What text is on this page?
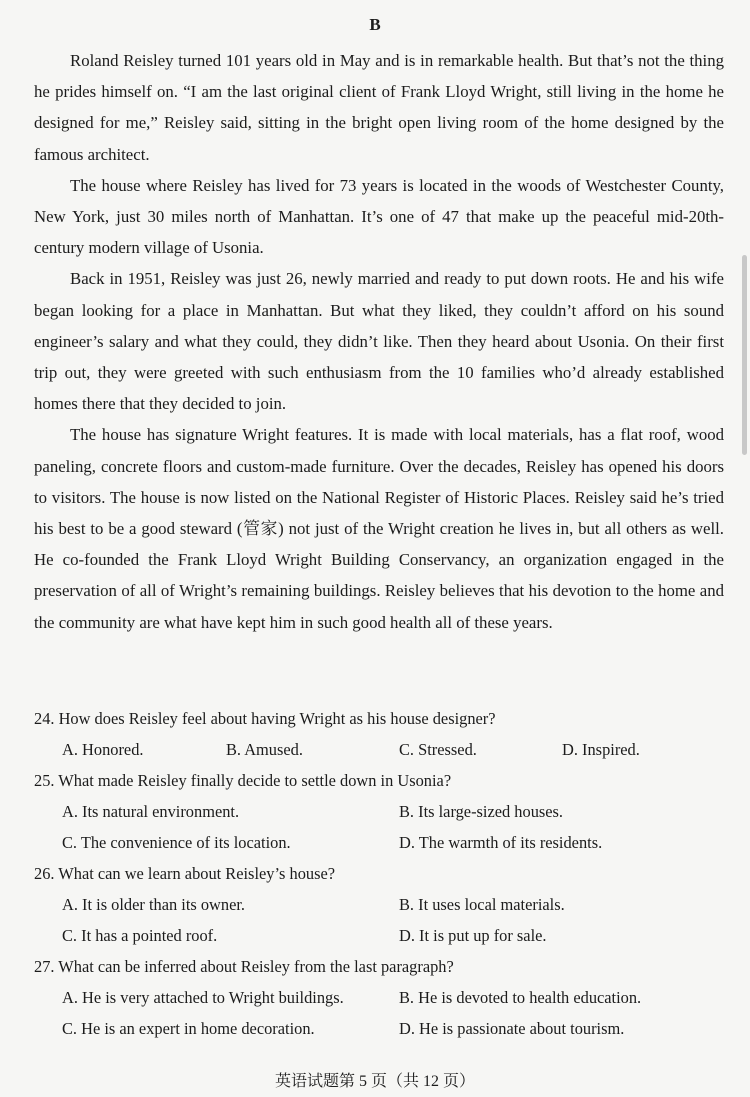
B

Roland Reisley turned 101 years old in May and is in remarkable health. But that’s not the thing he prides himself on. “I am the last original client of Frank Lloyd Wright, still living in the home he designed for me,” Reisley said, sitting in the bright open living room of the home designed by the famous architect.

The house where Reisley has lived for 73 years is located in the woods of Westchester County, New York, just 30 miles north of Manhattan. It’s one of 47 that make up the peaceful mid-20th-century modern village of Usonia.

Back in 1951, Reisley was just 26, newly married and ready to put down roots. He and his wife began looking for a place in Manhattan. But what they liked, they couldn’t afford on his sound engineer’s salary and what they could, they didn’t like. Then they heard about Usonia. On their first trip out, they were greeted with such enthusiasm from the 10 families who’d already established homes there that they decided to join.

The house has signature Wright features. It is made with local materials, has a flat roof, wood paneling, concrete floors and custom-made furniture. Over the decades, Reisley has opened his doors to visitors. The house is now listed on the National Register of Historic Places. Reisley said he’s tried his best to be a good steward (管家) not just of the Wright creation he lives in, but all others as well. He co-founded the Frank Lloyd Wright Building Conservancy, an organization engaged in the preservation of all of Wright’s remaining buildings. Reisley believes that his devotion to the home and the community are what have kept him in such good health all of these years.

24. How does Reisley feel about having Wright as his house designer?
A. Honored.	B. Amused.	C. Stressed.	D. Inspired.
25. What made Reisley finally decide to settle down in Usonia?
A. Its natural environment.	B. Its large-sized houses.
C. The convenience of its location.	D. The warmth of its residents.
26. What can we learn about Reisley’s house?
A. It is older than its owner.	B. It uses local materials.
C. It has a pointed roof.	D. It is put up for sale.
27. What can be inferred about Reisley from the last paragraph?
A. He is very attached to Wright buildings.	B. He is devoted to health education.
C. He is an expert in home decoration.	D. He is passionate about tourism.
英语试题第 5 页（共 12 页）
